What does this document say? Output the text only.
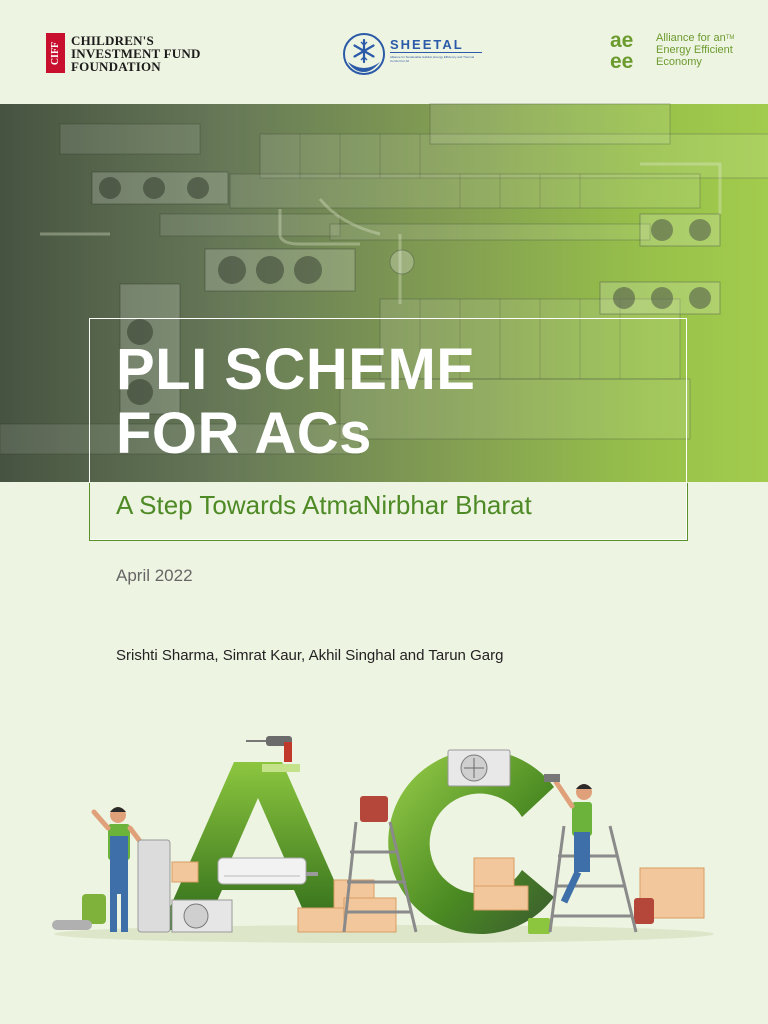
CIFF
CHILDREN'S
INVESTMENT FUND
FOUNDATION
SHEETAL
Alliance for Sustainable Habitat, Energy Efficiency and Thermal Comfort for All
ae
ee
Alliance for an™
Energy Efficient
Economy
PLI SCHEME
FOR ACs
A Step Towards AtmaNirbhar Bharat
April 2022
Srishti Sharma, Simrat Kaur, Akhil Singhal and Tarun Garg
AC
